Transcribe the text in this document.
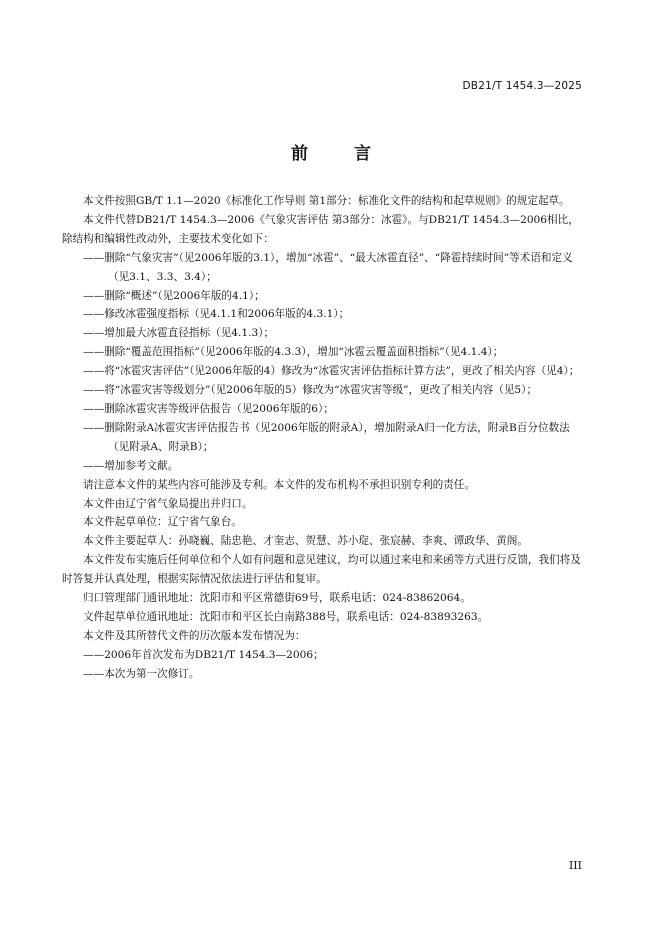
DB21/T 1454.3—2025
前 言

本文件按照GB/T 1.1—2020《标准化工作导则 第1部分：标准化文件的结构和起草规则》的规定起草。

本文件代替DB21/T 1454.3—2006《气象灾害评估 第3部分：冰雹》。与DB21/T 1454.3—2006相比，除结构和编辑性改动外，主要技术变化如下：

——删除“气象灾害”（见2006年版的3.1），增加“冰雹”、“最大冰雹直径”、“降雹持续时间”等术语和定义（见3.1、3.3、3.4）；

——删除“概述”（见2006年版的4.1）；

——修改冰雹强度指标（见4.1.1和2006年版的4.3.1）；

——增加最大冰雹直径指标（见4.1.3）；

——删除“覆盖范围指标”（见2006年版的4.3.3），增加“冰雹云覆盖面积指标”（见4.1.4）；

——将“冰雹灾害评估”（见2006年版的4）修改为“冰雹灾害评估指标计算方法”，更改了相关内容（见4）；

——将“冰雹灾害等级划分”（见2006年版的5）修改为“冰雹灾害等级”，更改了相关内容（见5）；

——删除冰雹灾害等级评估报告（见2006年版的6）；

——删除附录A冰雹灾害评估报告书（见2006年版的附录A），增加附录A归一化方法，附录B百分位数法（见附录A、附录B）；

——增加参考文献。

请注意本文件的某些内容可能涉及专利。本文件的发布机构不承担识别专利的责任。

本文件由辽宁省气象局提出并归口。

本文件起草单位：辽宁省气象台。

本文件主要起草人：孙晓巍、陆忠艳、才奎志、贺慧、苏小琁、张宸赫、李爽、谭政华、黄阁。

本文件发布实施后任何单位和个人如有问题和意见建议，均可以通过来电和来函等方式进行反馈，我们将及时答复并认真处理，根据实际情况依法进行评估和复审。

归口管理部门通讯地址：沈阳市和平区常德街69号，联系电话：024-83862064。

文件起草单位通讯地址：沈阳市和平区长白南路388号，联系电话：024-83893263。

本文件及其所替代文件的历次版本发布情况为：

——2006年首次发布为DB21/T 1454.3—2006；

——本次为第一次修订。

III
